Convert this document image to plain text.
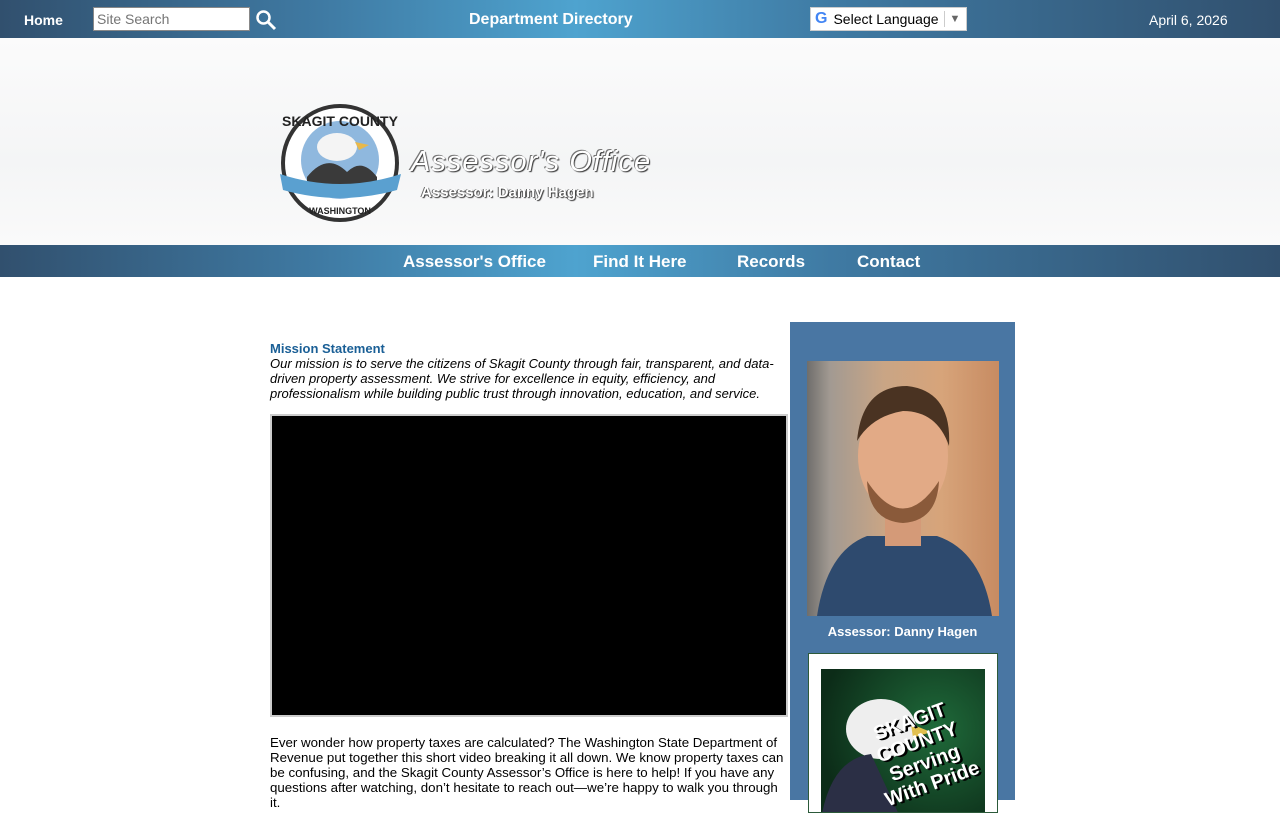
Home
Site Search	Department Directory	G Select Language ▼	April 6, 2026
SKAGIT COUNTY
WASHINGTON
Assessor's Office
Assessor: Danny Hagen
Assessor's Office	Find It Here	Records	Contact
Mission Statement
Our mission is to serve the citizens of Skagit County through fair, transparent, and data-driven property assessment. We strive for excellence in equity, efficiency, and professionalism while building public trust through innovation, education, and service.
Ever wonder how property taxes are calculated? The Washington State Department of Revenue put together this short video breaking it all down. We know property taxes can be confusing, and the Skagit County Assessor’s Office is here to help! If you have any questions after watching, don’t hesitate to reach out—we’re happy to walk you through it.
Assessor: Danny Hagen
SKAGIT COUNTY Serving With Pride
